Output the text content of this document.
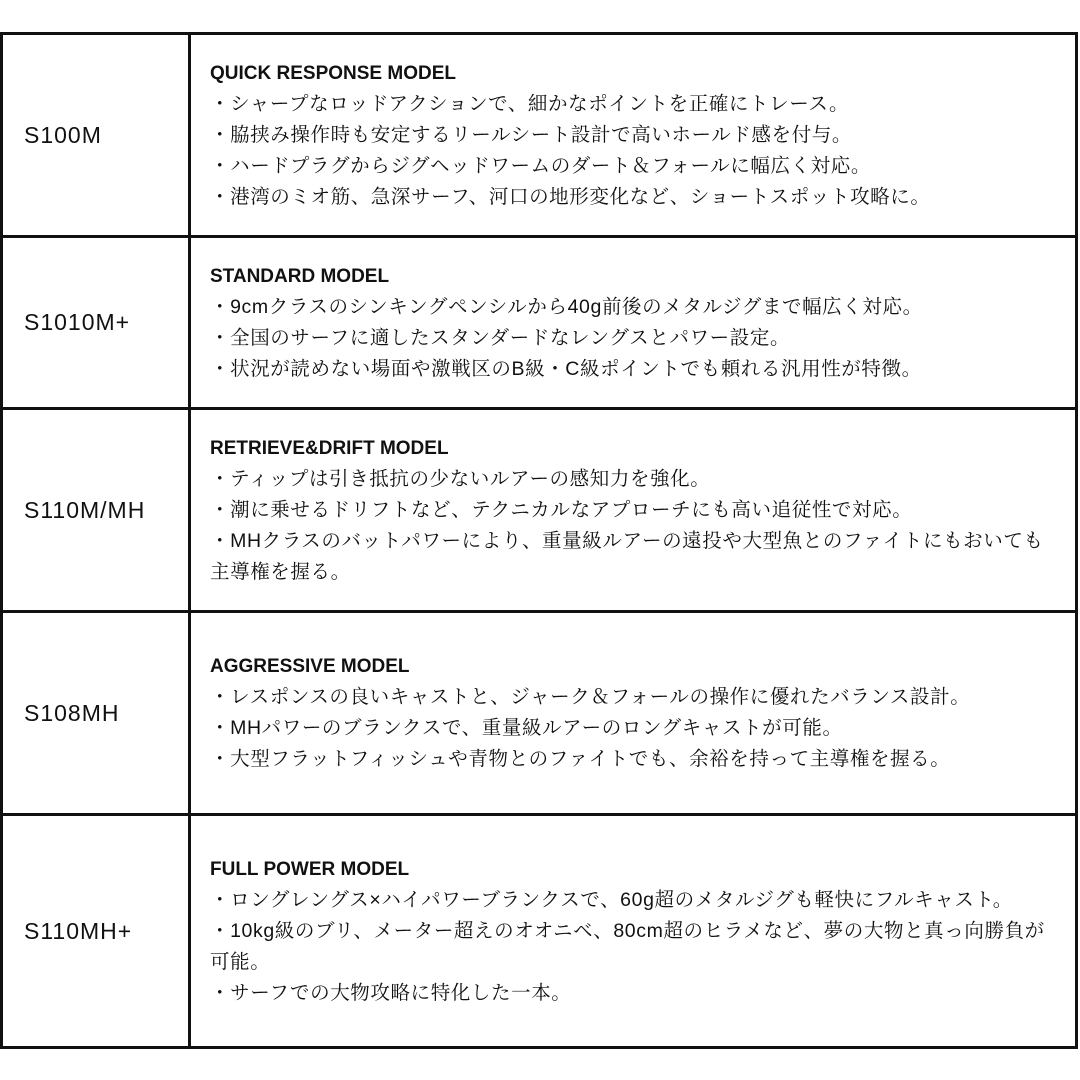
S100M
QUICK RESPONSE MODEL
・シャープなロッドアクションで、細かなポイントを正確にトレース。
・脇挟み操作時も安定するリールシート設計で高いホールド感を付与。
・ハードプラグからジグヘッドワームのダート＆フォールに幅広く対応。
・港湾のミオ筋、急深サーフ、河口の地形変化など、ショートスポット攻略に。
S1010M+
STANDARD MODEL
・9cmクラスのシンキングペンシルから40g前後のメタルジグまで幅広く対応。
・全国のサーフに適したスタンダードなレングスとパワー設定。
・状況が読めない場面や激戦区のB級・C級ポイントでも頼れる汎用性が特徴。
S110M/MH
RETRIEVE&DRIFT MODEL
・ティップは引き抵抗の少ないルアーの感知力を強化。
・潮に乗せるドリフトなど、テクニカルなアプローチにも高い追従性で対応。
・MHクラスのバットパワーにより、重量級ルアーの遠投や大型魚とのファイトにもおいても主導権を握る。
S108MH
AGGRESSIVE MODEL
・レスポンスの良いキャストと、ジャーク＆フォールの操作に優れたバランス設計。
・MHパワーのブランクスで、重量級ルアーのロングキャストが可能。
・大型フラットフィッシュや青物とのファイトでも、余裕を持って主導権を握る。
S110MH+
FULL POWER MODEL
・ロングレングス×ハイパワーブランクスで、60g超のメタルジグも軽快にフルキャスト。
・10kg級のブリ、メーター超えのオオニベ、80cm超のヒラメなど、夢の大物と真っ向勝負が可能。
・サーフでの大物攻略に特化した一本。
